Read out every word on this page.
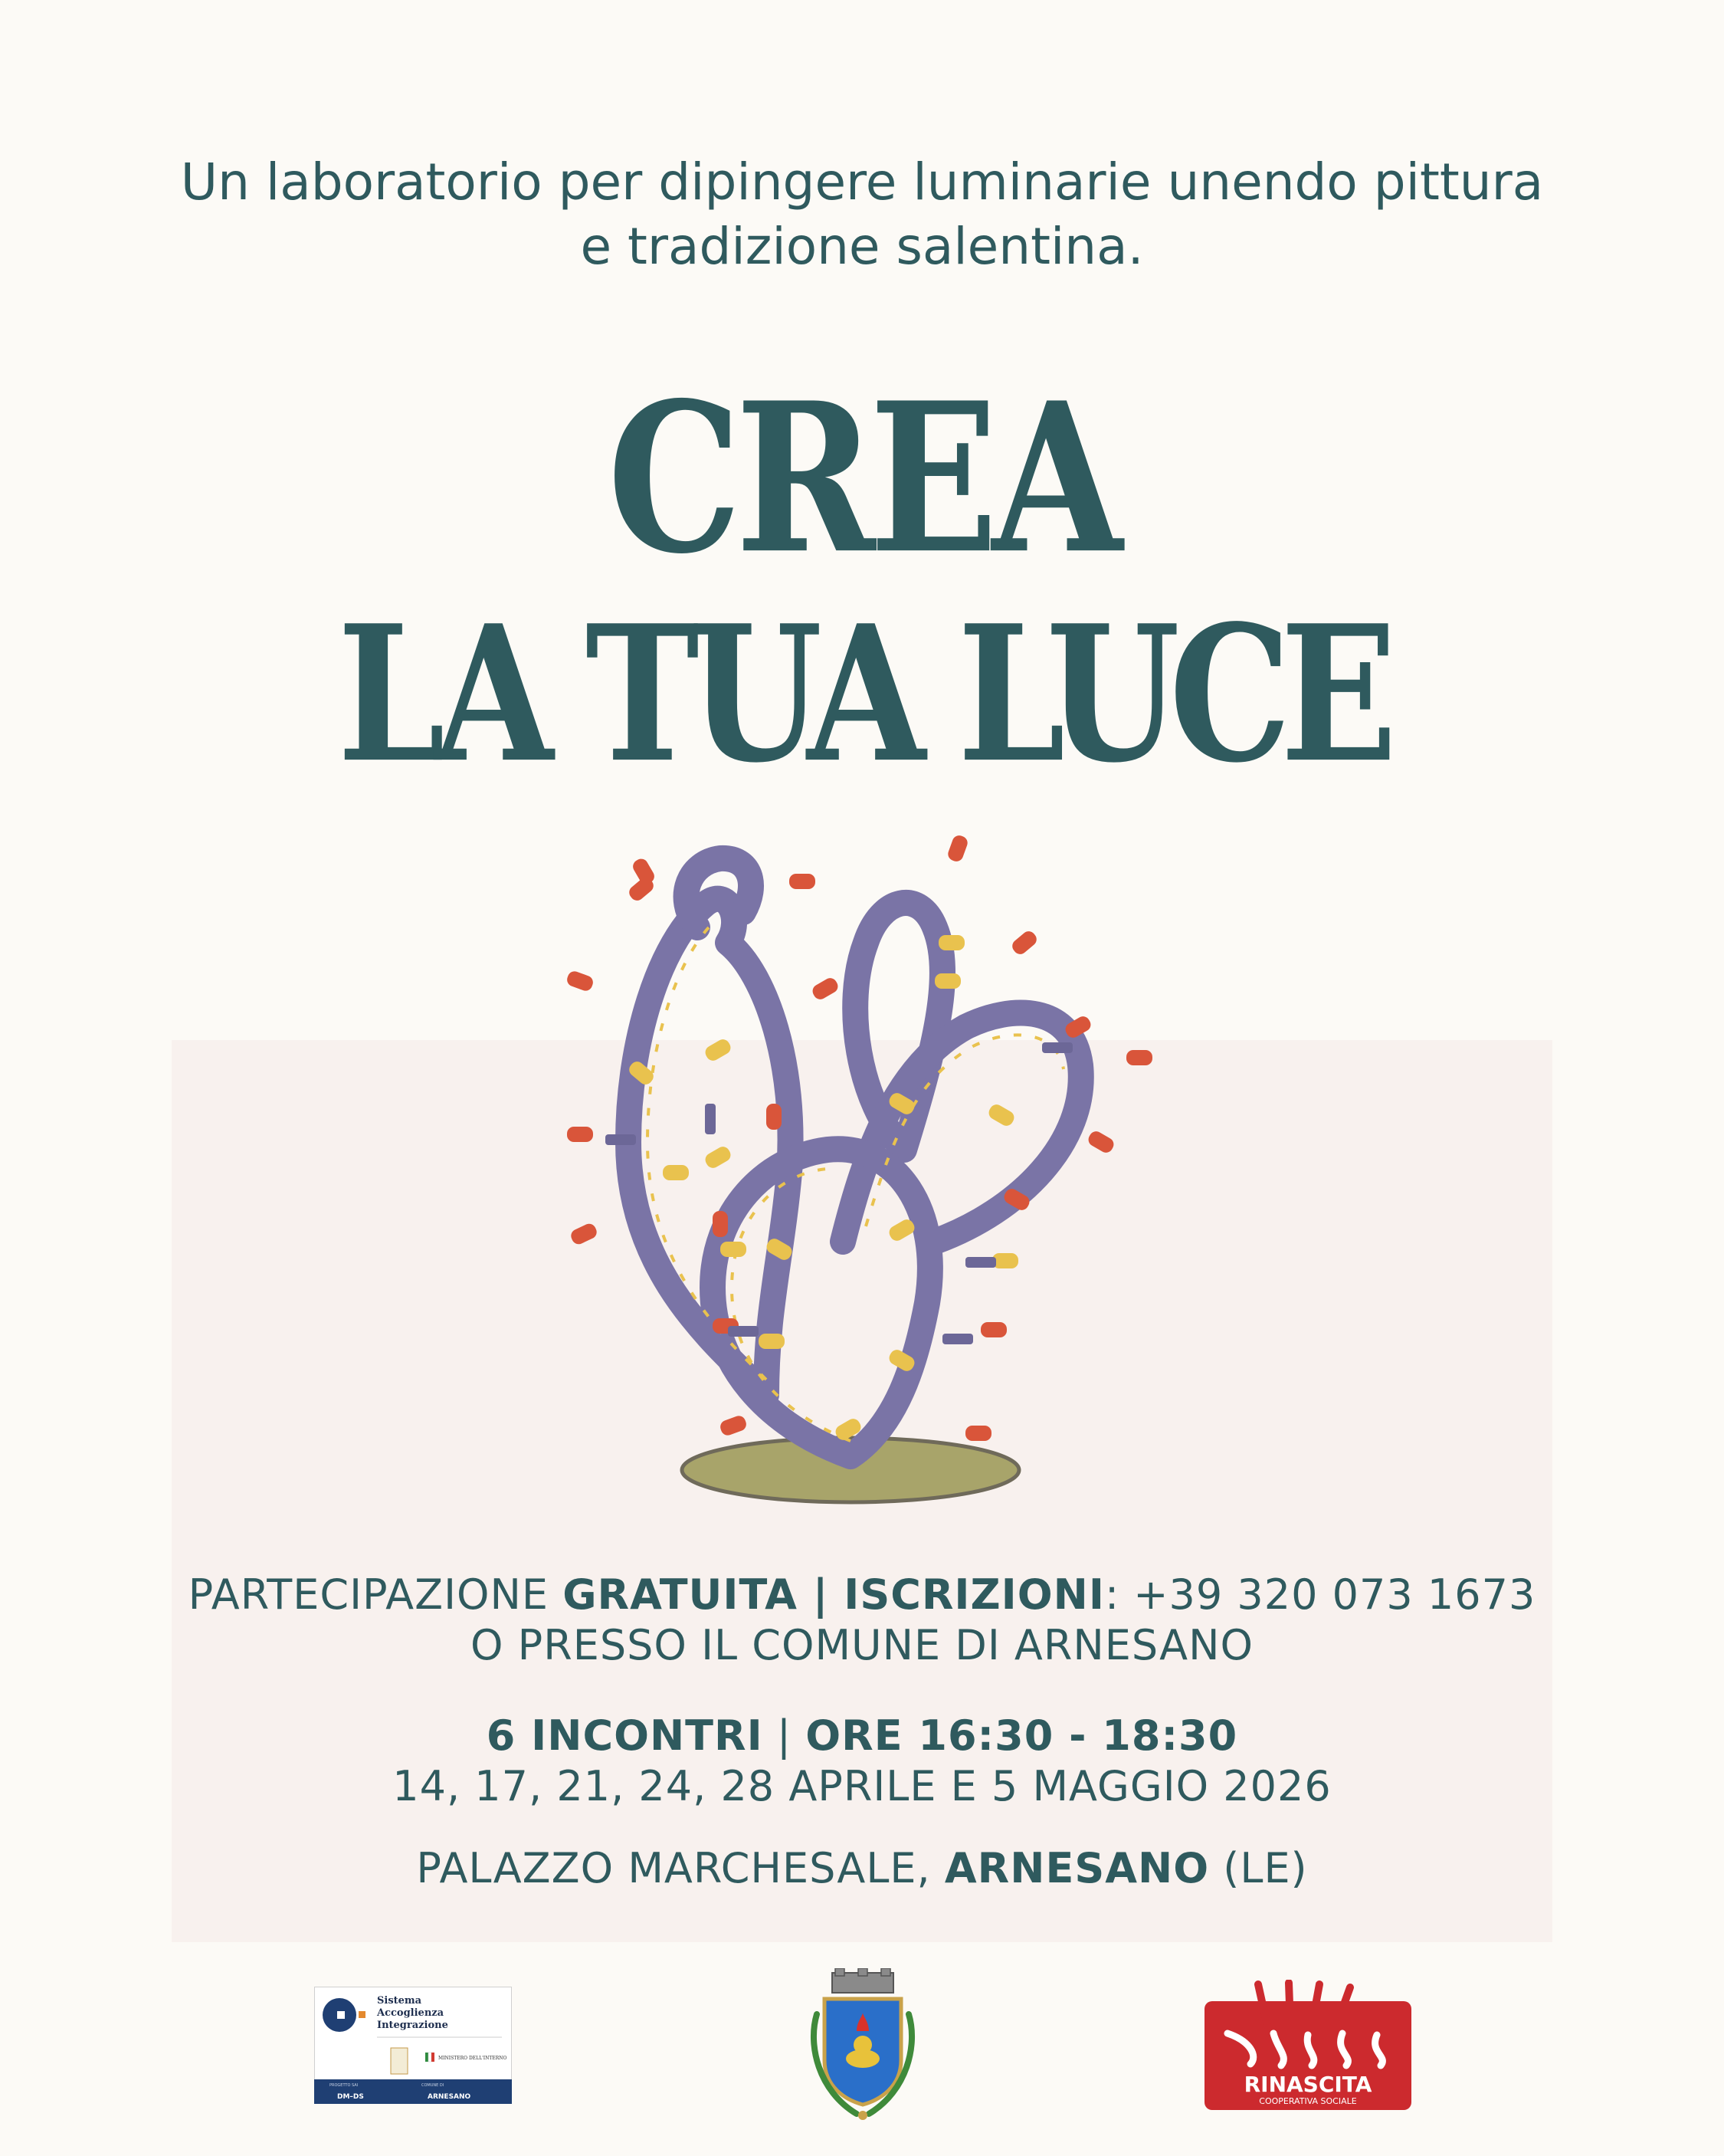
Un laboratorio per dipingere luminarie unendo pittura
e tradizione salentina.
CREA
LA TUA LUCE
PARTECIPAZIONE GRATUITA | ISCRIZIONI: +39 320 073 1673
O PRESSO IL COMUNE DI ARNESANO
6 INCONTRI | ORE 16:30 - 18:30
14, 17, 21, 24, 28 APRILE E 5 MAGGIO 2026
PALAZZO MARCHESALE, ARNESANO (LE)
Sistema
Accoglienza
Integrazione
MINISTERO DELL'INTERNO
PROGETTO SAI	COMUNE DI
DM–DS	ARNESANO	RINASCITA
COOPERATIVA SOCIALE
